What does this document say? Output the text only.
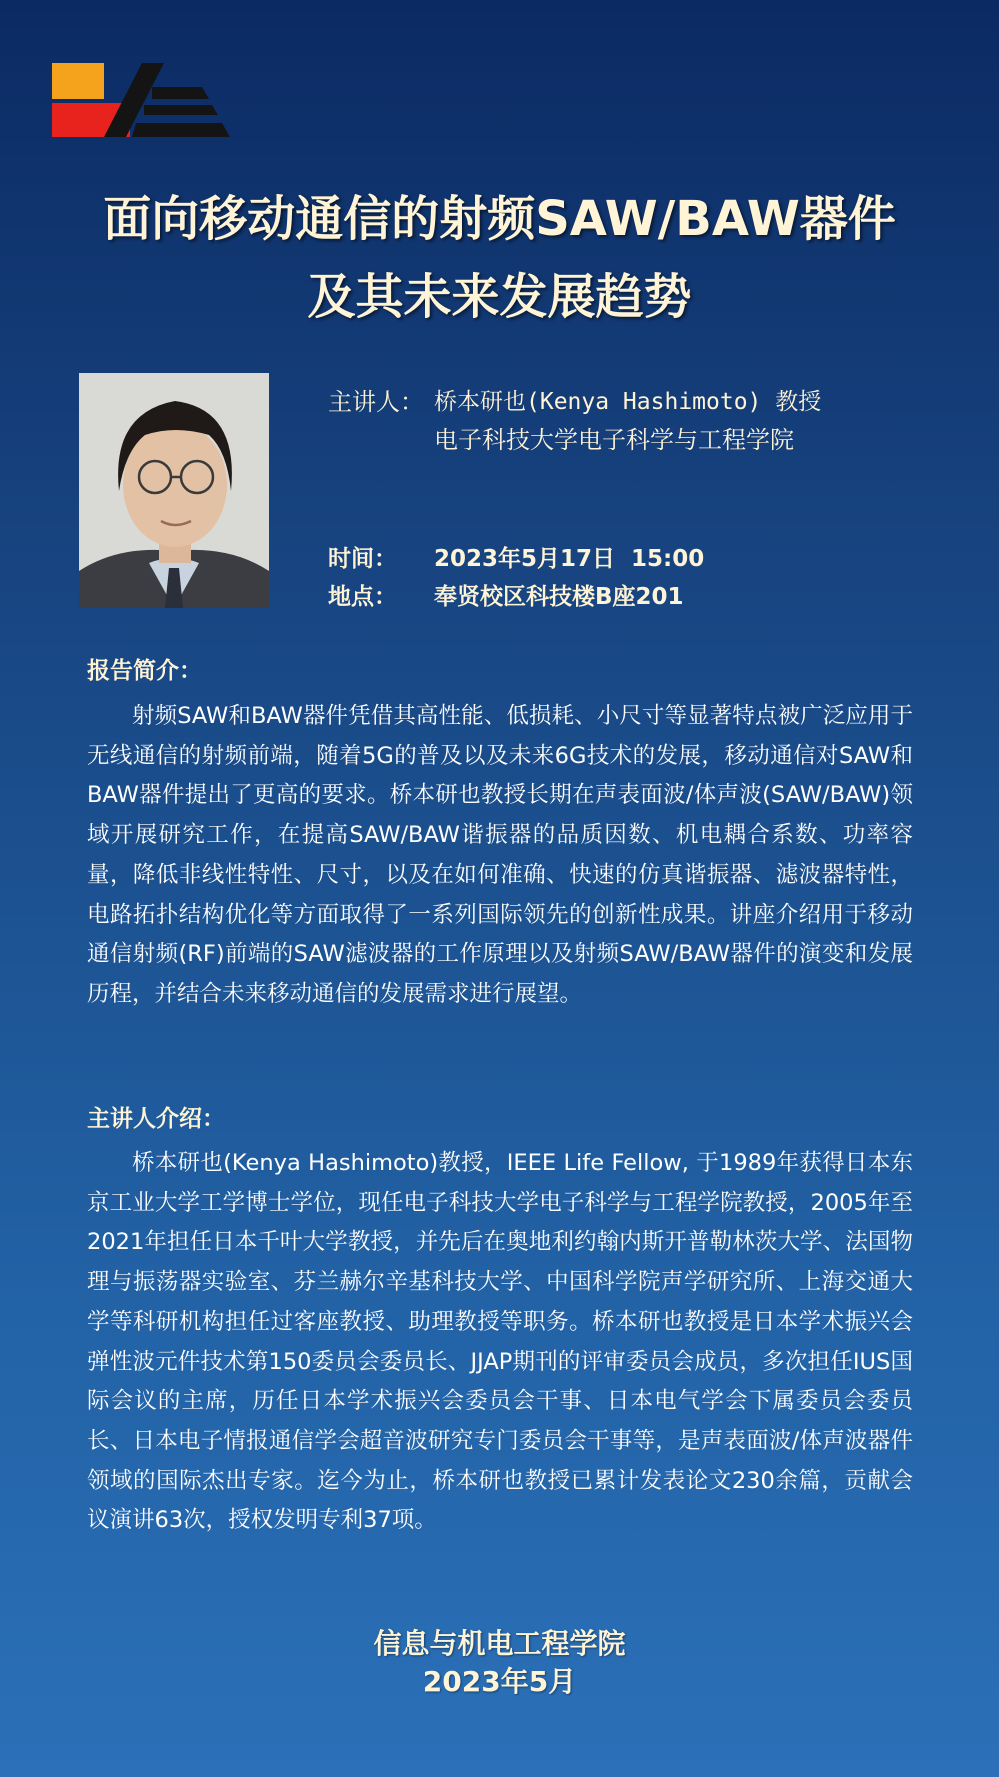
面向移动通信的射频SAW/BAW器件
及其未来发展趋势
主讲人： 桥本研也(Kenya Hashimoto) 教授
电子科技大学电子科学与工程学院
时间：	2023年5月17日  15:00
地点：	奉贤校区科技楼B座201
报告简介：

射频SAW和BAW器件凭借其高性能、低损耗、小尺寸等显著特点被广泛应用于无线通信的射频前端，随着5G的普及以及未来6G技术的发展，移动通信对SAW和BAW器件提出了更高的要求。桥本研也教授长期在声表面波/体声波(SAW/BAW)领域开展研究工作，在提高SAW/BAW谐振器的品质因数、机电耦合系数、功率容量，降低非线性特性、尺寸，以及在如何准确、快速的仿真谐振器、滤波器特性，电路拓扑结构优化等方面取得了一系列国际领先的创新性成果。讲座介绍用于移动通信射频(RF)前端的SAW滤波器的工作原理以及射频SAW/BAW器件的演变和发展历程，并结合未来移动通信的发展需求进行展望。

主讲人介绍：

桥本研也(Kenya Hashimoto)教授，IEEE Life Fellow, 于1989年获得日本东京工业大学工学博士学位，现任电子科技大学电子科学与工程学院教授，2005年至2021年担任日本千叶大学教授，并先后在奥地利约翰内斯开普勒林茨大学、法国物理与振荡器实验室、芬兰赫尔辛基科技大学、中国科学院声学研究所、上海交通大学等科研机构担任过客座教授、助理教授等职务。桥本研也教授是日本学术振兴会弹性波元件技术第150委员会委员长、JJAP期刊的评审委员会成员，多次担任IUS国际会议的主席，历任日本学术振兴会委员会干事、日本电气学会下属委员会委员长、日本电子情报通信学会超音波研究专门委员会干事等，是声表面波/体声波器件领域的国际杰出专家。迄今为止，桥本研也教授已累计发表论文230余篇，贡献会议演讲63次，授权发明专利37项。

信息与机电工程学院
2023年5月
